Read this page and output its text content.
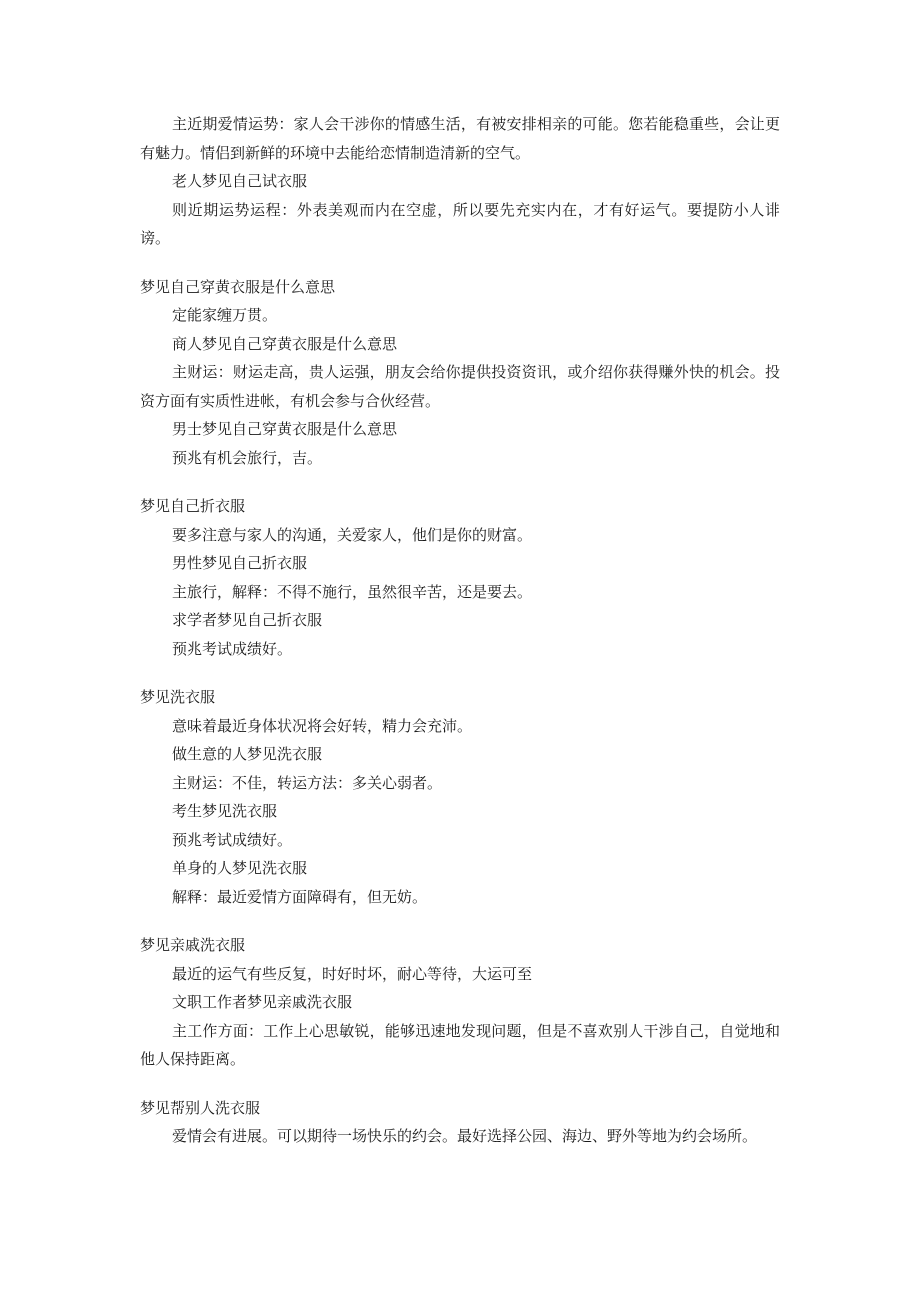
主近期爱情运势：家人会干涉你的情感生活，有被安排相亲的可能。您若能稳重些，会让更有魅力。情侣到新鲜的环境中去能给恋情制造清新的空气。

老人梦见自己试衣服

则近期运势运程：外表美观而内在空虚，所以要先充实内在，才有好运气。要提防小人诽谤。

梦见自己穿黄衣服是什么意思

定能家缠万贯。

商人梦见自己穿黄衣服是什么意思

主财运：财运走高，贵人运强，朋友会给你提供投资资讯，或介绍你获得赚外快的机会。投资方面有实质性进帐，有机会参与合伙经营。

男士梦见自己穿黄衣服是什么意思

预兆有机会旅行，吉。

梦见自己折衣服

要多注意与家人的沟通，关爱家人，他们是你的财富。

男性梦见自己折衣服

主旅行，解释：不得不施行，虽然很辛苦，还是要去。

求学者梦见自己折衣服

预兆考试成绩好。

梦见洗衣服

意味着最近身体状况将会好转，精力会充沛。

做生意的人梦见洗衣服

主财运：不佳，转运方法：多关心弱者。

考生梦见洗衣服

预兆考试成绩好。

单身的人梦见洗衣服

解释：最近爱情方面障碍有，但无妨。

梦见亲戚洗衣服

最近的运气有些反复，时好时坏，耐心等待，大运可至

文职工作者梦见亲戚洗衣服

主工作方面：工作上心思敏锐，能够迅速地发现问题，但是不喜欢别人干涉自己，自觉地和他人保持距离。

梦见帮别人洗衣服

爱情会有进展。可以期待一场快乐的约会。最好选择公园、海边、野外等地为约会场所。
